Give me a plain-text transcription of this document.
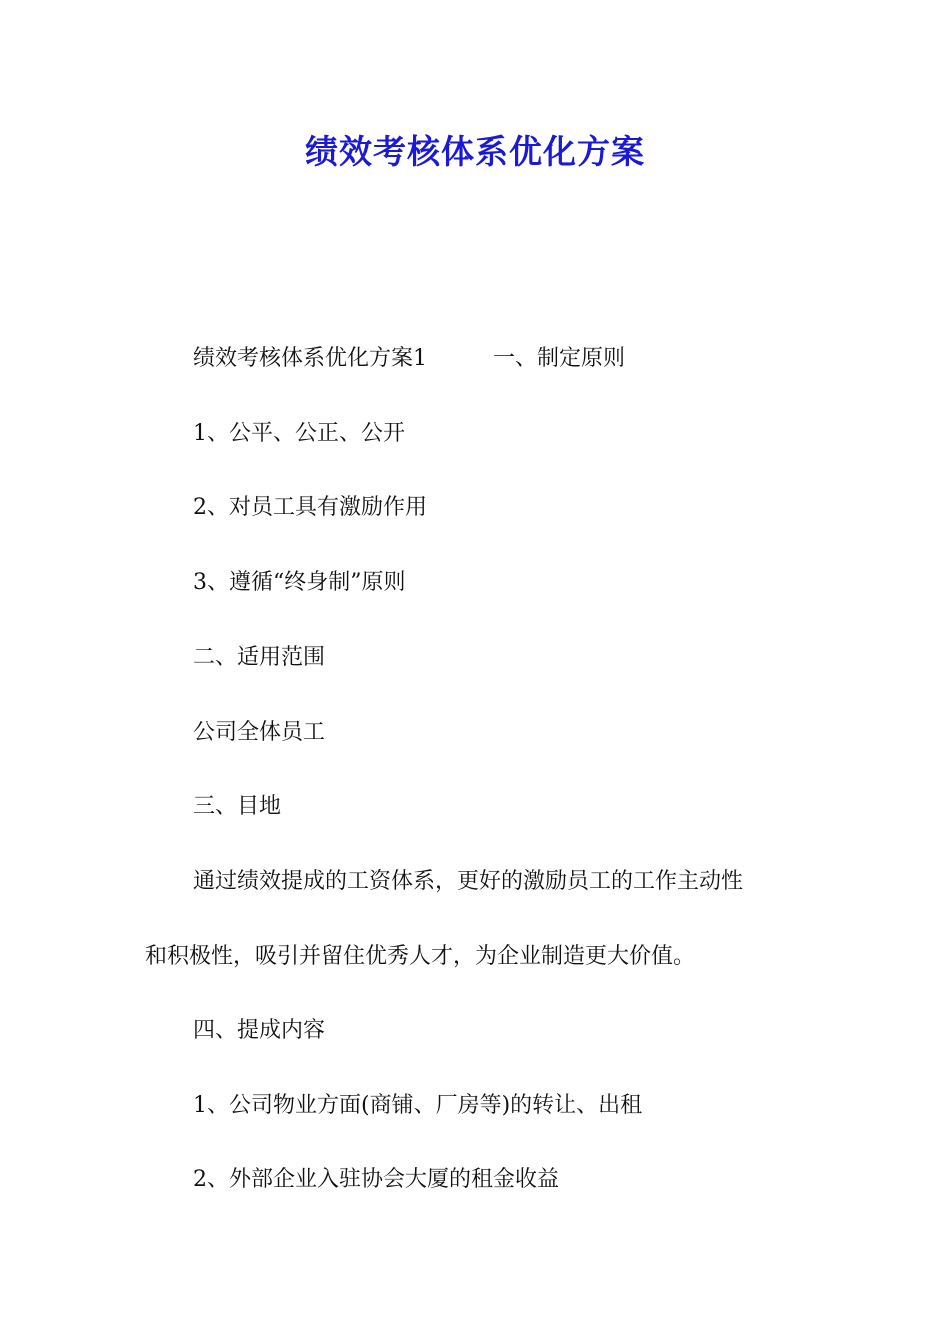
绩效考核体系优化方案
绩效考核体系优化方案1　　　一、制定原则
1、公平、公正、公开
2、对员工具有激励作用
3、遵循“终身制”原则
二、适用范围
公司全体员工
三、目地
通过绩效提成的工资体系，更好的激励员工的工作主动性
和积极性，吸引并留住优秀人才，为企业制造更大价值。
四、提成内容
1、公司物业方面(商铺、厂房等)的转让、出租
2、外部企业入驻协会大厦的租金收益
